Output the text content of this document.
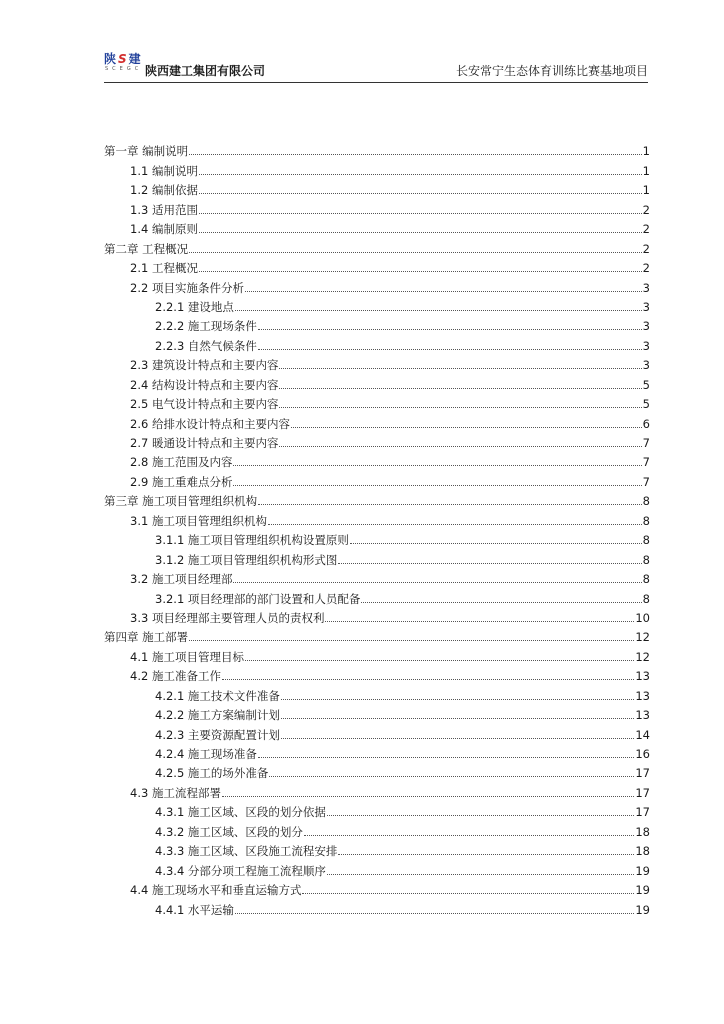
陕 S 建
SCEGC 陕西建工集团有限公司	长安常宁生态体育训练比赛基地项目
第一章 编制说明	1
1.1 编制说明	1
1.2 编制依据	1
1.3 适用范围	2
1.4 编制原则	2
第二章 工程概况	2
2.1 工程概况	2
2.2 项目实施条件分析	3
2.2.1 建设地点	3
2.2.2 施工现场条件	3
2.2.3 自然气候条件	3
2.3 建筑设计特点和主要内容	3
2.4 结构设计特点和主要内容	5
2.5 电气设计特点和主要内容	5
2.6 给排水设计特点和主要内容	6
2.7 暖通设计特点和主要内容	7
2.8 施工范围及内容	7
2.9 施工重难点分析	7
第三章 施工项目管理组织机构	8
3.1 施工项目管理组织机构	8
3.1.1 施工项目管理组织机构设置原则	8
3.1.2 施工项目管理组织机构形式图	8
3.2 施工项目经理部	8
3.2.1 项目经理部的部门设置和人员配备	8
3.3 项目经理部主要管理人员的责权利	10
第四章 施工部署	12
4.1 施工项目管理目标	12
4.2 施工准备工作	13
4.2.1 施工技术文件准备	13
4.2.2 施工方案编制计划	13
4.2.3 主要资源配置计划	14
4.2.4 施工现场准备	16
4.2.5 施工的场外准备	17
4.3 施工流程部署	17
4.3.1 施工区域、区段的划分依据	17
4.3.2 施工区域、区段的划分	18
4.3.3 施工区域、区段施工流程安排	18
4.3.4 分部分项工程施工流程顺序	19
4.4 施工现场水平和垂直运输方式	19
4.4.1 水平运输	19
